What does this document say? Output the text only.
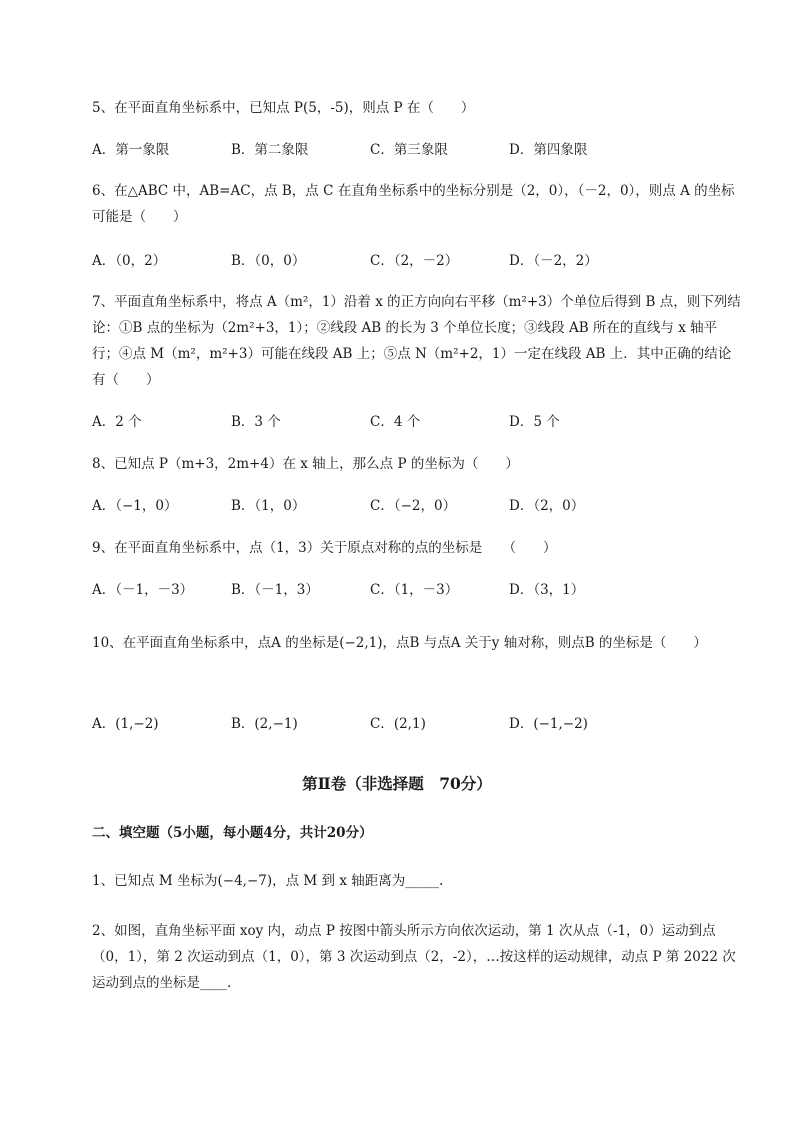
5、在平面直角坐标系中，已知点 P(5，-5)，则点 P 在（　　）
A．第一象限	B．第二象限	C．第三象限	D．第四象限
6、在△ABC 中，AB=AC，点 B，点 C 在直角坐标系中的坐标分别是（2，0），（－2，0），则点 A 的坐标可能是（　　）
A．（0，2）	B．（0，0）	C．（2，－2）	D．（－2，2）
7、平面直角坐标系中，将点 A（m²，1）沿着 x 的正方向向右平移（m²+3）个单位后得到 B 点，则下列结论：①B 点的坐标为（2m²+3，1）；②线段 AB 的长为 3 个单位长度；③线段 AB 所在的直线与 x 轴平行；④点 M（m²，m²+3）可能在线段 AB 上；⑤点 N（m²+2，1）一定在线段 AB 上．其中正确的结论有（　　）
A．2 个	B．3 个	C．4 个	D．5 个
8、已知点 P（m+3，2m+4）在 x 轴上，那么点 P 的坐标为（　　）
A．（−1，0）	B．（1，0）	C．（−2，0）	D．（2，0）
9、在平面直角坐标系中，点（1，3）关于原点对称的点的坐标是　　（　　）
A．（－1，－3）	B．（－1，3）	C．（1，－3）	D．（3，1）
10、在平面直角坐标系中，点A 的坐标是(−2,1)，点B 与点A 关于y 轴对称，则点B 的坐标是（　　）
A．(1,−2)	B．(2,−1)	C．(2,1)	D．(−1,−2)
第Ⅱ卷（非选择题　70分）
二、填空题（5小题，每小题4分，共计20分）
1、已知点 M 坐标为(−4,−7)，点 M 到 x 轴距离为_____.
2、如图，直角坐标平面 xoy 内，动点 P 按图中箭头所示方向依次运动，第 1 次从点（-1，0）运动到点（0，1），第 2 次运动到点（1，0），第 3 次运动到点（2，-2），…按这样的运动规律，动点 P 第 2022 次运动到点的坐标是____.
